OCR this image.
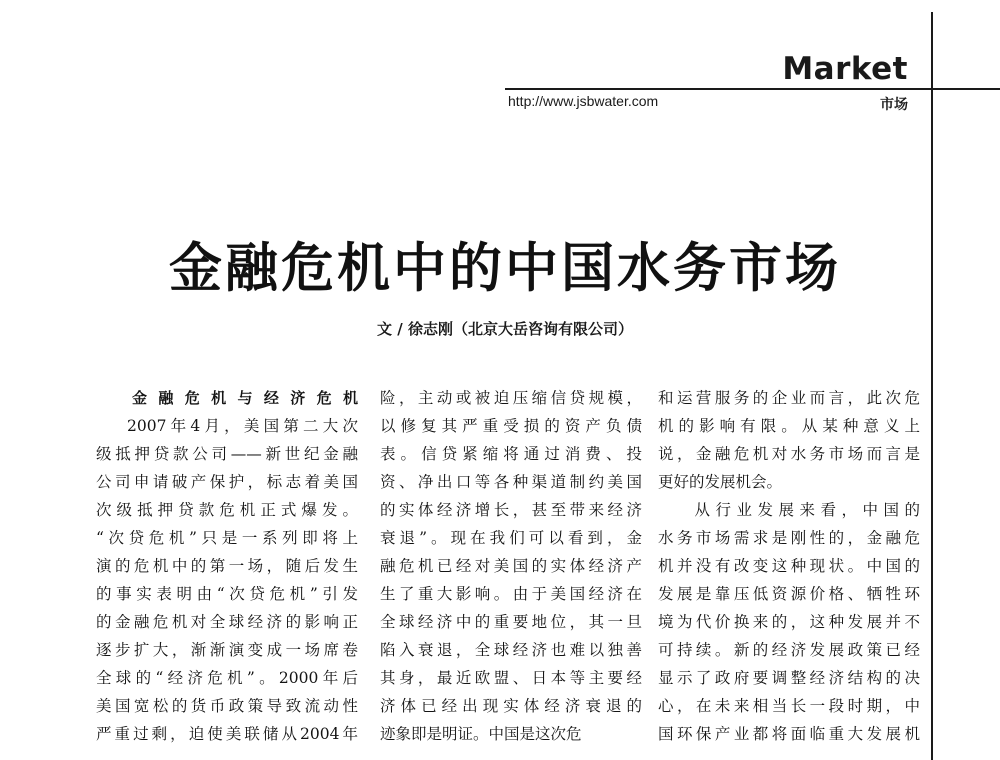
Market
http://www.jsbwater.com	市场
金融危机中的中国水务市场
文 / 徐志刚（北京大岳咨询有限公司）

金融危机与经济危机

2007年4月，美国第二大次

级抵押贷款公司——新世纪金融

公司申请破产保护，标志着美国

次级抵押贷款危机正式爆发。

“次贷危机”只是一系列即将上

演的危机中的第一场，随后发生

的事实表明由“次贷危机”引发

的金融危机对全球经济的影响正

逐步扩大，渐渐演变成一场席卷

全球的“经济危机”。2000年后

美国宽松的货币政策导致流动性

严重过剩，迫使美联储从2004年

险，主动或被迫压缩信贷规模，

以修复其严重受损的资产负债

表。信贷紧缩将通过消费、投

资、净出口等各种渠道制约美国

的实体经济增长，甚至带来经济

衰退”。现在我们可以看到，金

融危机已经对美国的实体经济产

生了重大影响。由于美国经济在

全球经济中的重要地位，其一旦

陷入衰退，全球经济也难以独善

其身，最近欧盟、日本等主要经

济体已经出现实体经济衰退的

迹象即是明证。中国是这次危

和运营服务的企业而言，此次危

机的影响有限。从某种意义上

说，金融危机对水务市场而言是

更好的发展机会。

从行业发展来看，中国的

水务市场需求是刚性的，金融危

机并没有改变这种现状。中国的

发展是靠压低资源价格、牺牲环

境为代价换来的，这种发展并不

可持续。新的经济发展政策已经

显示了政府要调整经济结构的决

心，在未来相当长一段时期，中

国环保产业都将面临重大发展机
